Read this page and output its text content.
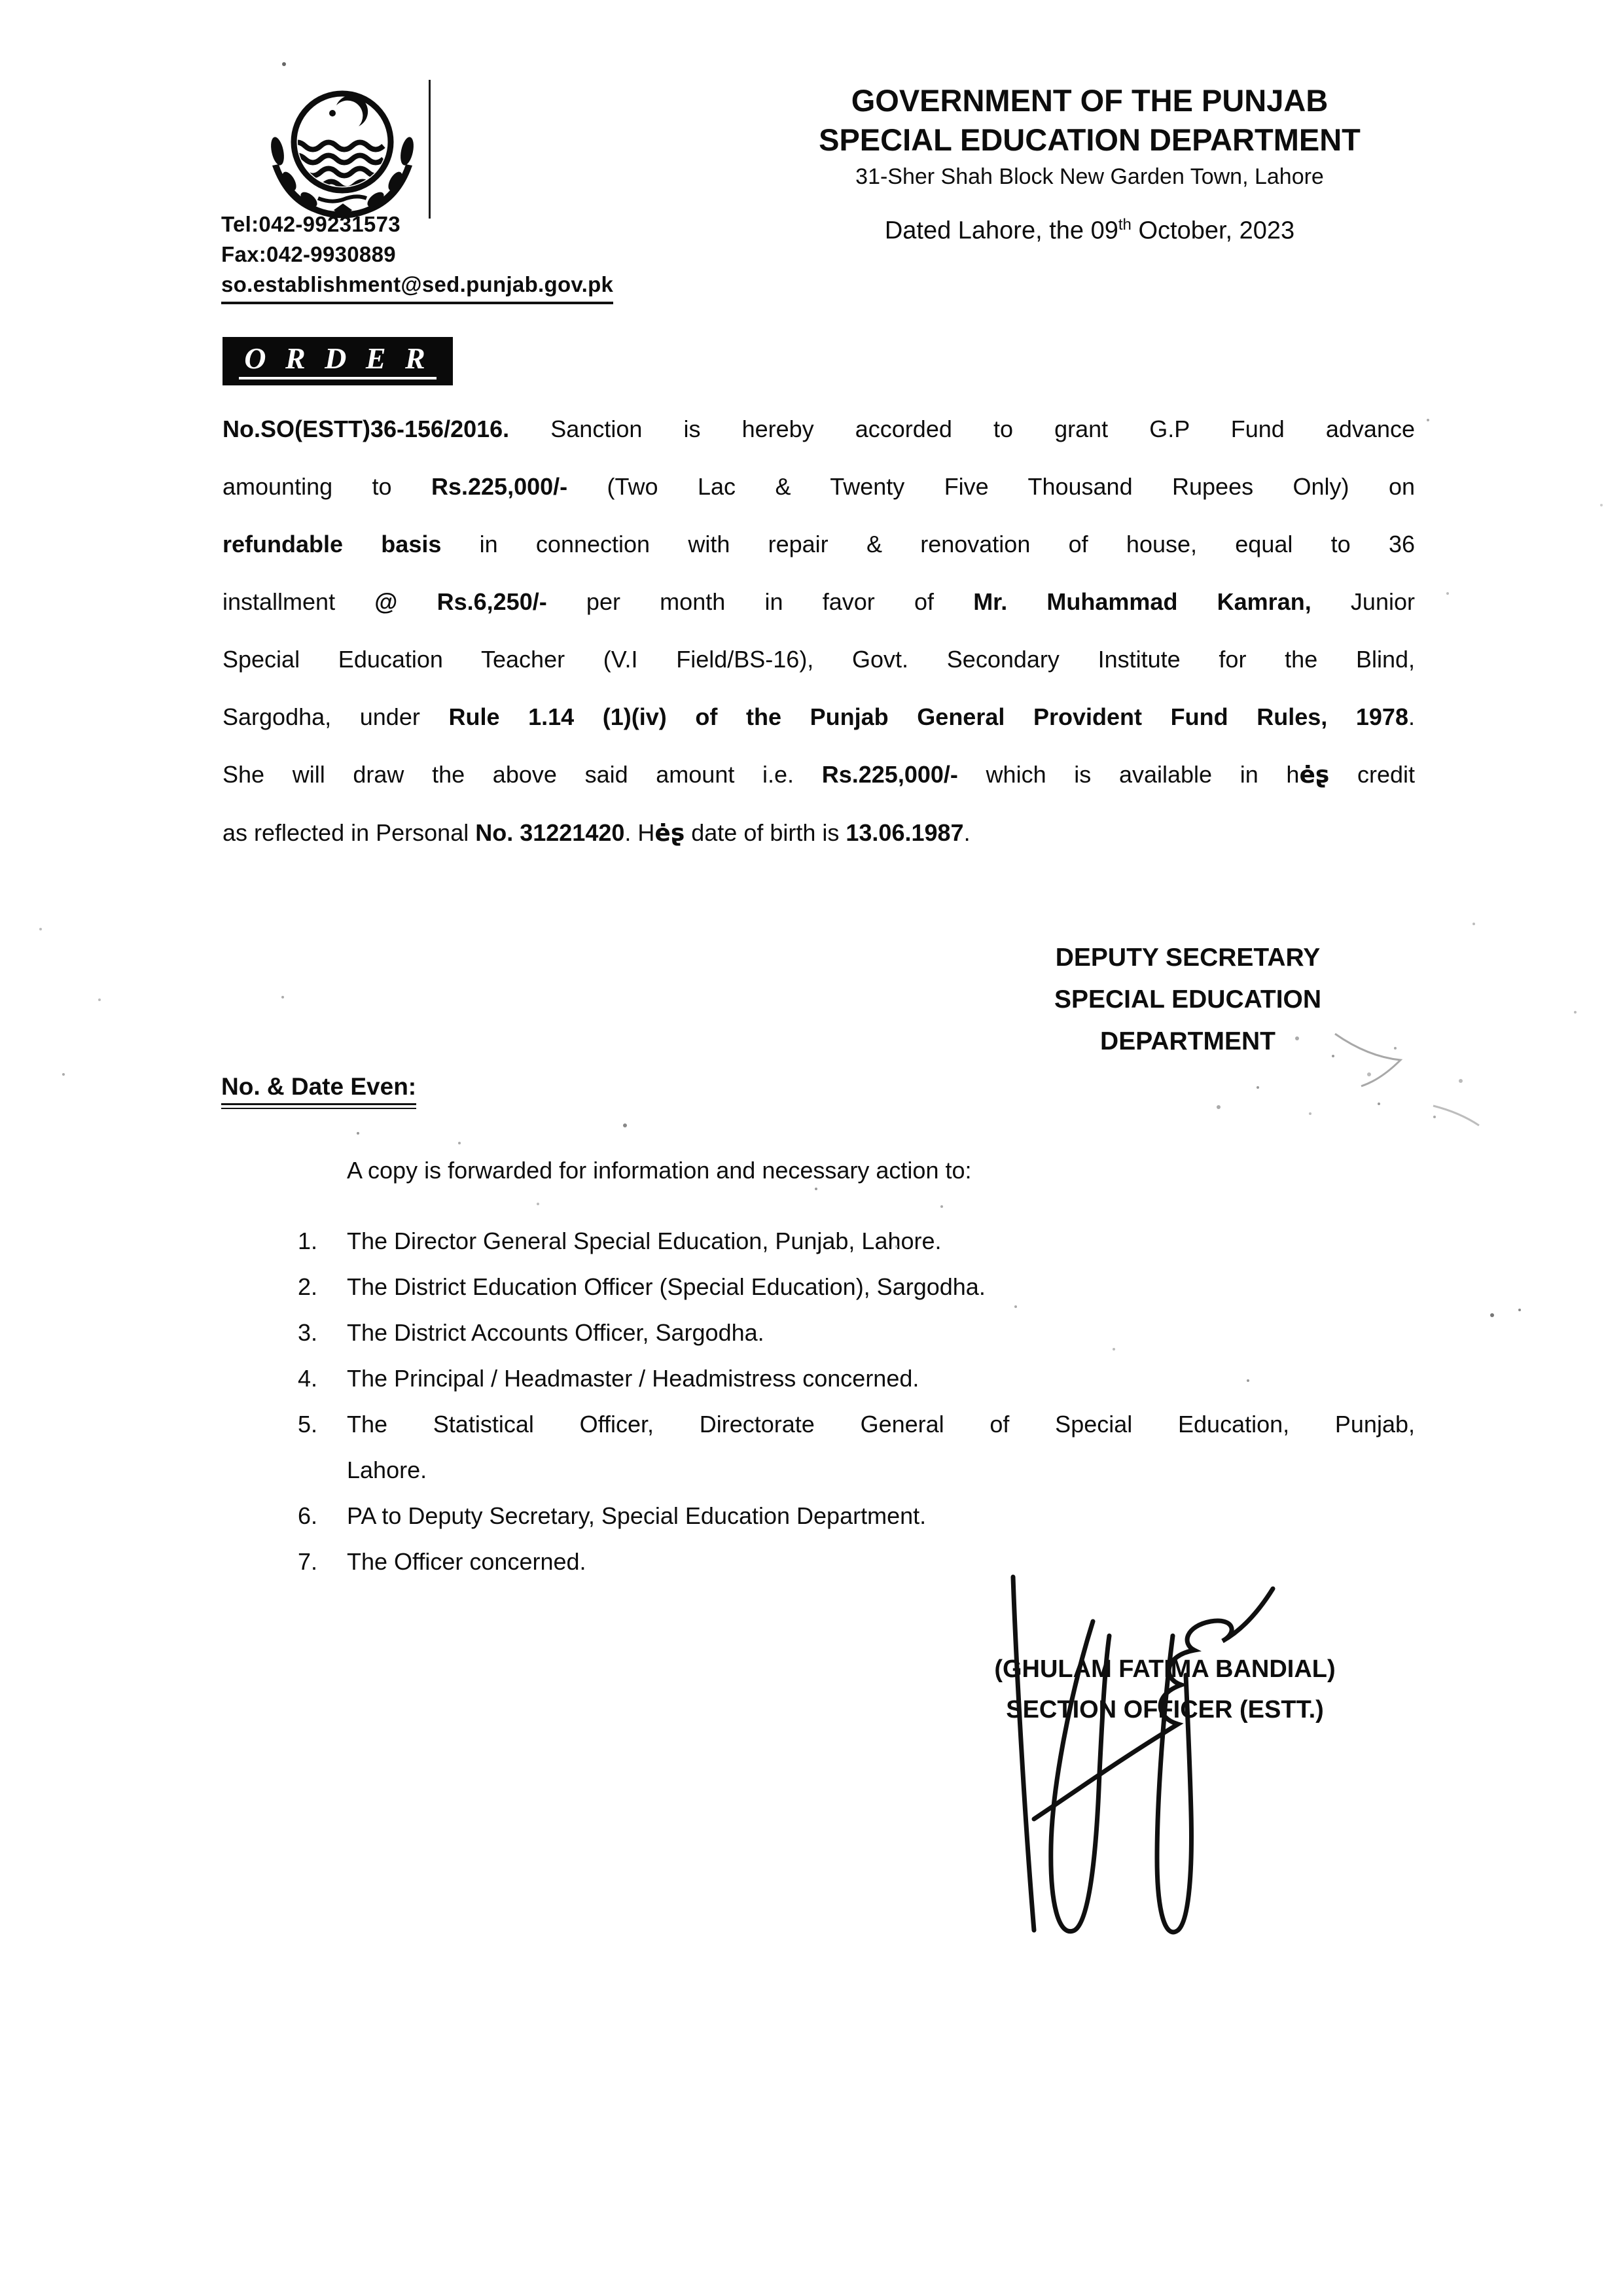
Tel:042-99231573
Fax:042-9930889
so.establishment@sed.punjab.gov.pk
GOVERNMENT OF THE PUNJAB
SPECIAL EDUCATION DEPARTMENT
31-Sher Shah Block New Garden Town, Lahore
Dated Lahore, the 09th October, 2023
O R D E R
No.SO(ESTT)36-156/2016. Sanction is hereby accorded to grant G.P Fund advance
amounting to Rs.225,000/- (Two Lac & Twenty Five Thousand Rupees Only) on
refundable basis in connection with repair & renovation of house, equal to 36
installment @ Rs.6,250/- per month in favor of Mr. Muhammad Kamran, Junior
Special Education Teacher (V.I Field/BS-16), Govt. Secondary Institute for the Blind,
Sargodha, under Rule 1.14 (1)(iv) of the Punjab General Provident Fund Rules, 1978.
She will draw the above said amount i.e. Rs.225,000/- which is available in hėʂ credit
as reflected in Personal No. 31221420. Hėʂ date of birth is 13.06.1987.
DEPUTY SECRETARY
SPECIAL EDUCATION
DEPARTMENT
No. & Date Even:
A copy is forwarded for information and necessary action to:
1.	The Director General Special Education, Punjab, Lahore.
2.	The District Education Officer (Special Education), Sargodha.
3.	The District Accounts Officer, Sargodha.
4.	The Principal / Headmaster / Headmistress concerned.
5.	The Statistical Officer, Directorate General of Special Education, Punjab,
Lahore.
6.	PA to Deputy Secretary, Special Education Department.
7.	The Officer concerned.
(GHULAM FATIMA BANDIAL)
SECTION OFFICER (ESTT.)
